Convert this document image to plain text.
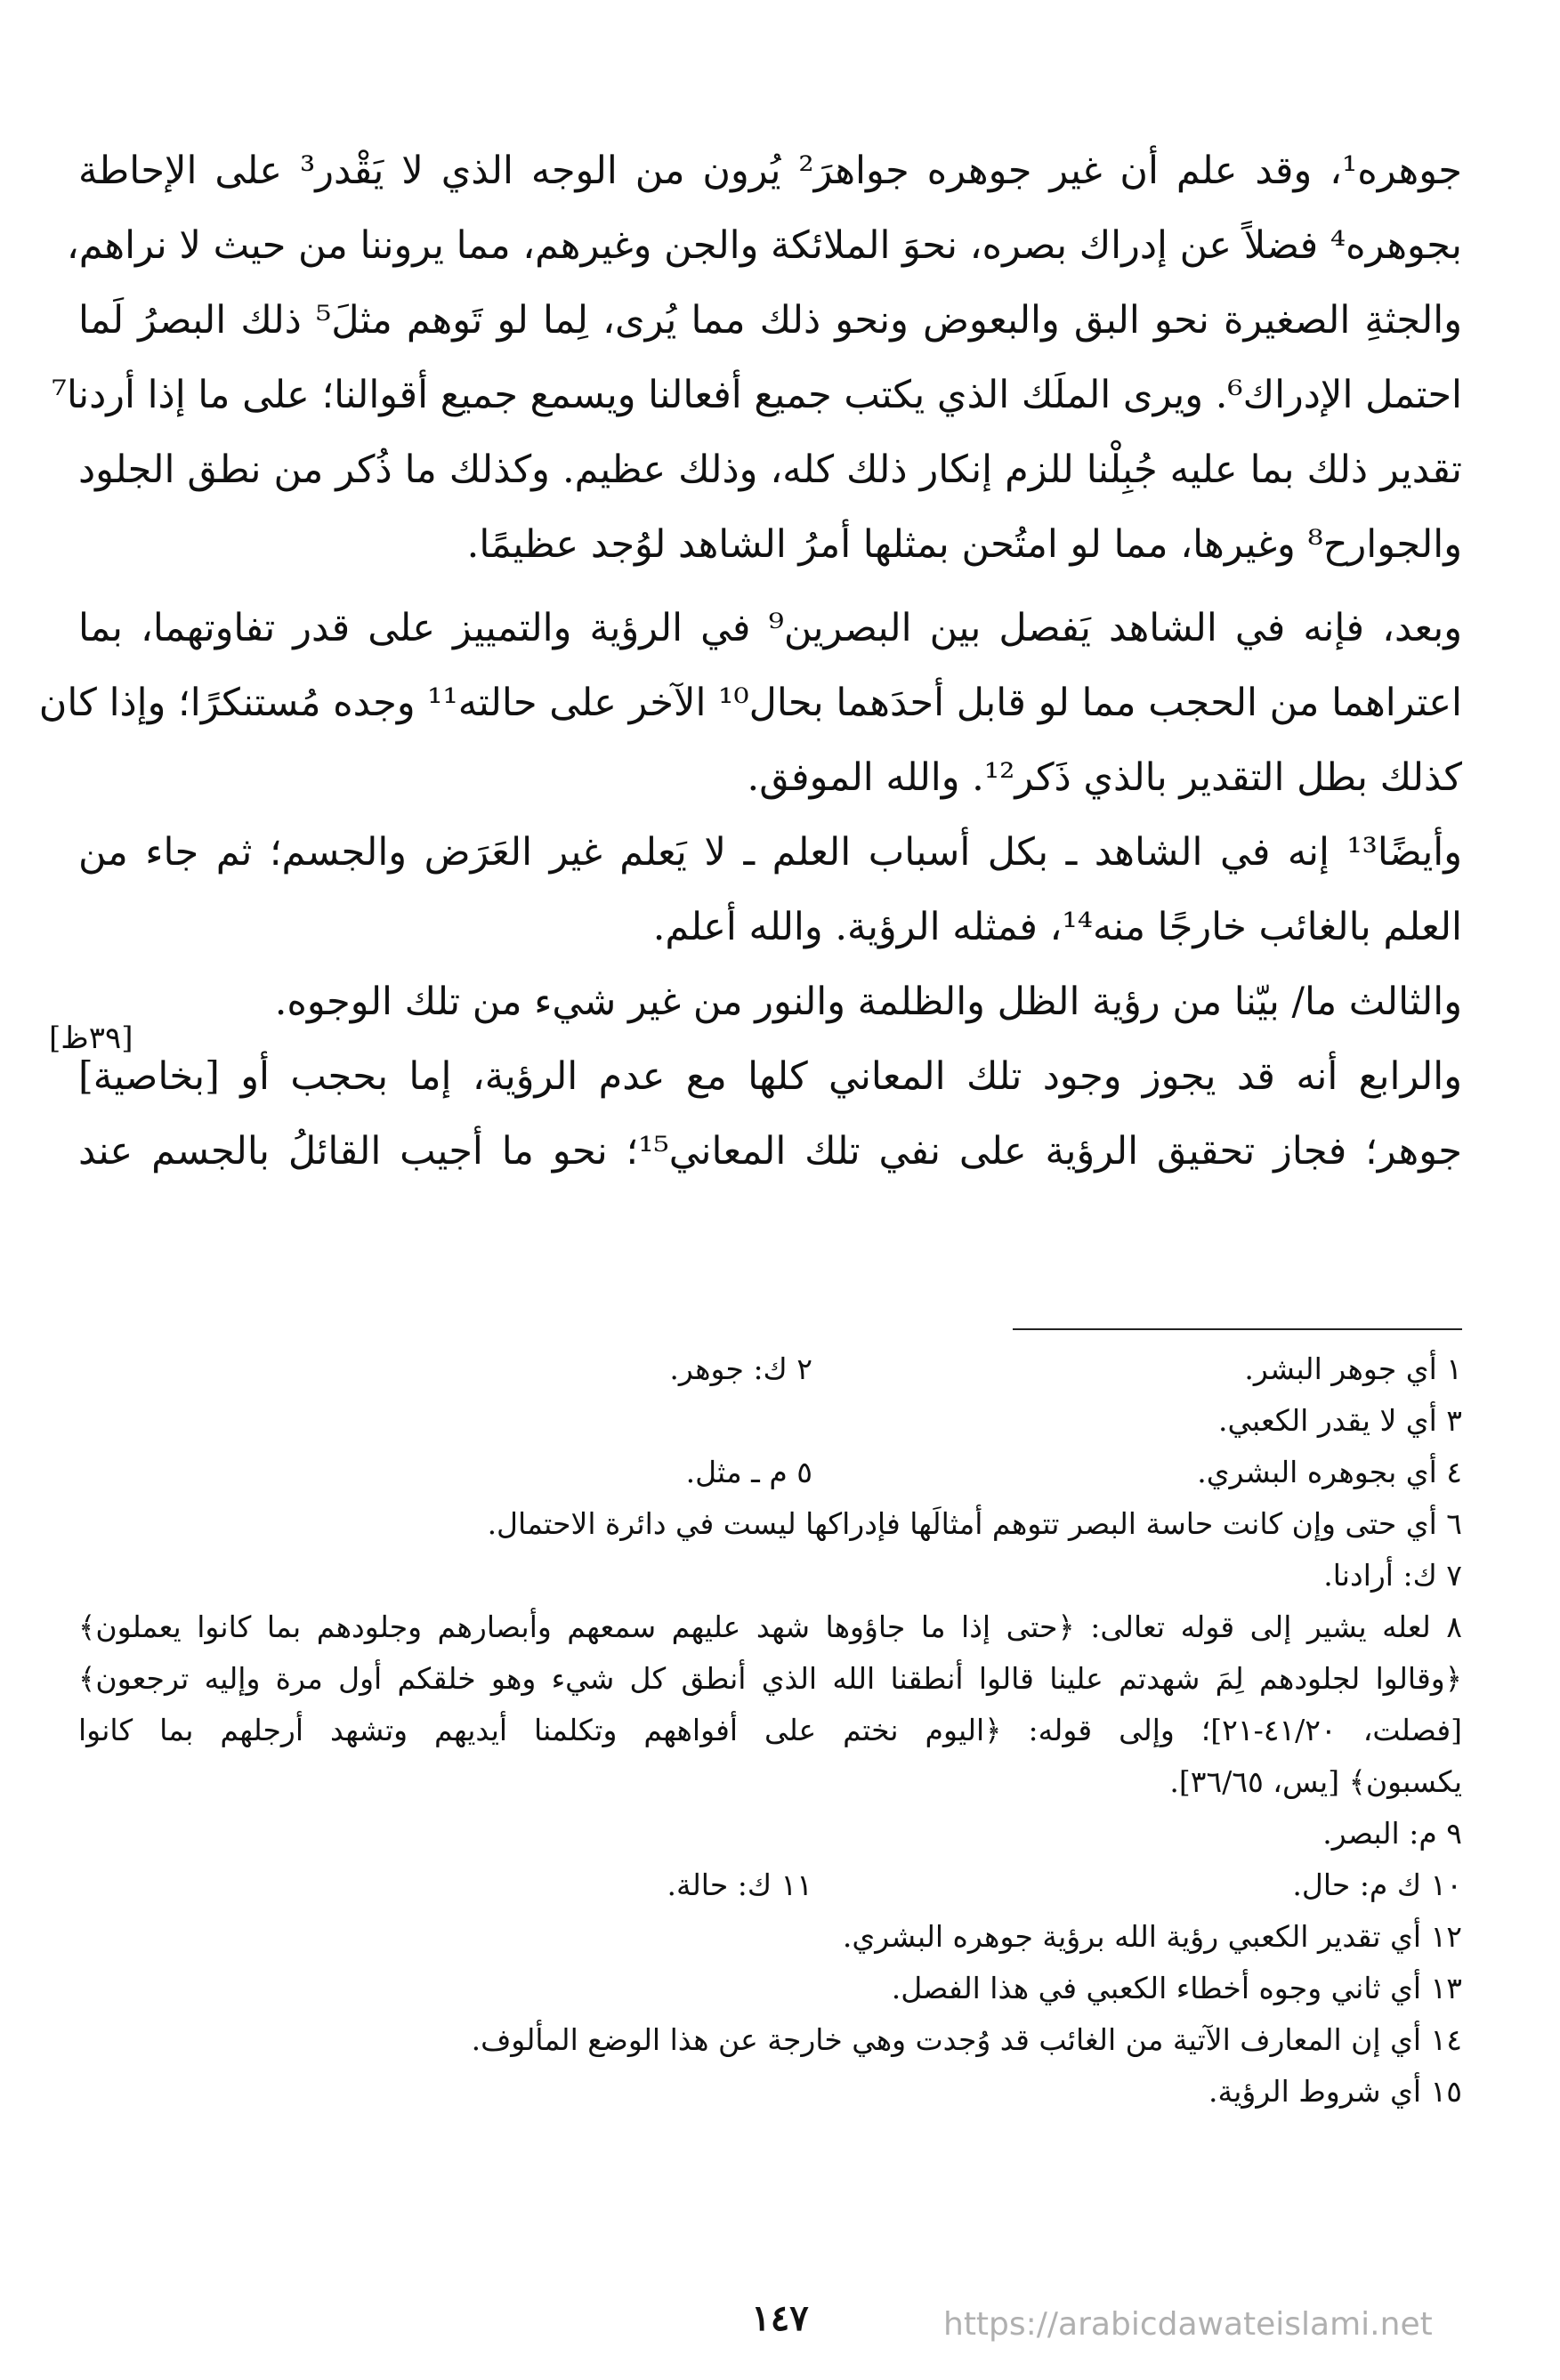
جوهره¹، وقد علم أن غير جوهره جواهرَ² يُرون من الوجه الذي لا يَقْدر³ على الإحاطة
بجوهره⁴ فضلاً عن إدراك بصره، نحوَ الملائكة والجن وغيرهم، مما يروننا من حيث لا نراهم،
والجثةِ الصغيرة نحو البق والبعوض ونحو ذلك مما يُرى، لِما لو تَوهم مثلَ⁵ ذلك البصرُ لَما
احتمل الإدراك⁶. ويرى الملَك الذي يكتب جميع أفعالنا ويسمع جميع أقوالنا؛ على ما إذا أردنا⁷
تقدير ذلك بما عليه جُبِلْنا للزم إنكار ذلك كله، وذلك عظيم. وكذلك ما ذُكر من نطق الجلود
والجوارح⁸ وغيرها، مما لو امتُحن بمثلها أمرُ الشاهد لوُجد عظيمًا.
وبعد، فإنه في الشاهد يَفصل بين البصرين⁹ في الرؤية والتمييز على قدر تفاوتهما، بما
اعتراهما من الحجب مما لو قابل أحدَهما بحال¹⁰ الآخر على حالته¹¹ وجده مُستنكرًا؛ وإذا كان
كذلك بطل التقدير بالذي ذَكر¹². والله الموفق.
وأيضًا¹³ إنه في الشاهد ـ بكل أسباب العلم ـ لا يَعلم غير العَرَض والجسم؛ ثم جاء من
العلم بالغائب خارجًا منه¹⁴، فمثله الرؤية. والله أعلم.
والثالث ما/ بيّنا من رؤية الظل والظلمة والنور من غير شيء من تلك الوجوه.
والرابع أنه قد يجوز وجود تلك المعاني كلها مع عدم الرؤية، إما بحجب أو [بخاصية]
جوهر؛ فجاز تحقيق الرؤية على نفي تلك المعاني¹⁵؛ نحو ما أجيب القائلُ بالجسم عند
[٣٩ظ]
١ أي جوهر البشر.
٢ ك: جوهر.
٣ أي لا يقدر الكعبي.
٤ أي بجوهره البشري.
٥ م ـ مثل.
٦ أي حتى وإن كانت حاسة البصر تتوهم أمثالَها فإدراكها ليست في دائرة الاحتمال.
٧ ك: أرادنا.
٨ لعله يشير إلى قوله تعالى: ﴿حتى إذا ما جاؤوها شهد عليهم سمعهم وأبصارهم وجلودهم بما كانوا يعملون﴾
﴿وقالوا لجلودهم لِمَ شهدتم علينا قالوا أنطقنا الله الذي أنطق كل شيء وهو خلقكم أول مرة وإليه ترجعون﴾
[فصلت، ٤١/٢٠-٢١]؛ وإلى قوله: ﴿اليوم نختم على أفواههم وتكلمنا أيديهم وتشهد أرجلهم بما كانوا
يكسبون﴾ [يس، ٣٦/٦٥].
٩ م: البصر.
١٠ ك م: حال.
١١ ك: حالة.
١٢ أي تقدير الكعبي رؤية الله برؤية جوهره البشري.
١٣ أي ثاني وجوه أخطاء الكعبي في هذا الفصل.
١٤ أي إن المعارف الآتية من الغائب قد وُجدت وهي خارجة عن هذا الوضع المألوف.
١٥ أي شروط الرؤية.
١٤٧	https://arabicdawateislami.net
